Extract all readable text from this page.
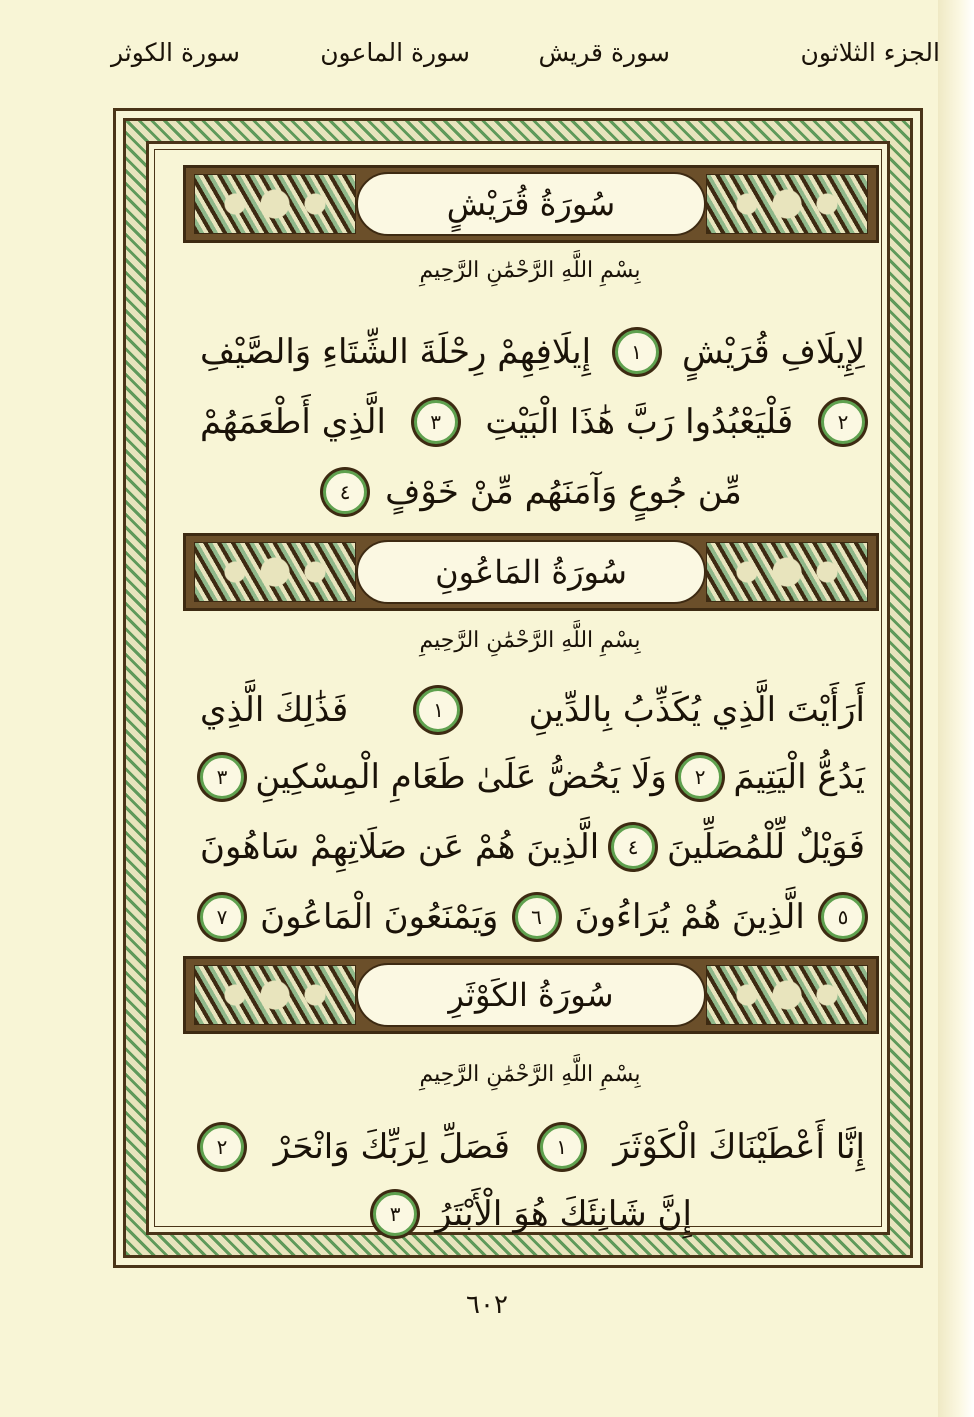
الجزء الثلاثون
سورة قريش
سورة الماعون
سورة الكوثر
سُورَةُ قُرَيْشٍ
بِسْمِ اللَّهِ الرَّحْمَٰنِ الرَّحِيمِ
لِإِيلَافِ قُرَيْشٍ
١
إِيلَافِهِمْ رِحْلَةَ الشِّتَاءِ وَالصَّيْفِ
٢
فَلْيَعْبُدُوا رَبَّ هَٰذَا الْبَيْتِ
٣
الَّذِي أَطْعَمَهُمْ
مِّن جُوعٍ وَآمَنَهُم مِّنْ خَوْفٍ
٤
سُورَةُ المَاعُونِ
بِسْمِ اللَّهِ الرَّحْمَٰنِ الرَّحِيمِ
أَرَأَيْتَ الَّذِي يُكَذِّبُ بِالدِّينِ
١
فَذَٰلِكَ الَّذِي
يَدُعُّ الْيَتِيمَ
٢
وَلَا يَحُضُّ عَلَىٰ طَعَامِ الْمِسْكِينِ
٣
فَوَيْلٌ لِّلْمُصَلِّينَ
٤
الَّذِينَ هُمْ عَن صَلَاتِهِمْ سَاهُونَ
٥
الَّذِينَ هُمْ يُرَاءُونَ
٦
وَيَمْنَعُونَ الْمَاعُونَ
٧
سُورَةُ الكَوْثَرِ
بِسْمِ اللَّهِ الرَّحْمَٰنِ الرَّحِيمِ
إِنَّا أَعْطَيْنَاكَ الْكَوْثَرَ
١
فَصَلِّ لِرَبِّكَ وَانْحَرْ
٢
إِنَّ شَانِئَكَ هُوَ الْأَبْتَرُ
٣
٦٠٢
